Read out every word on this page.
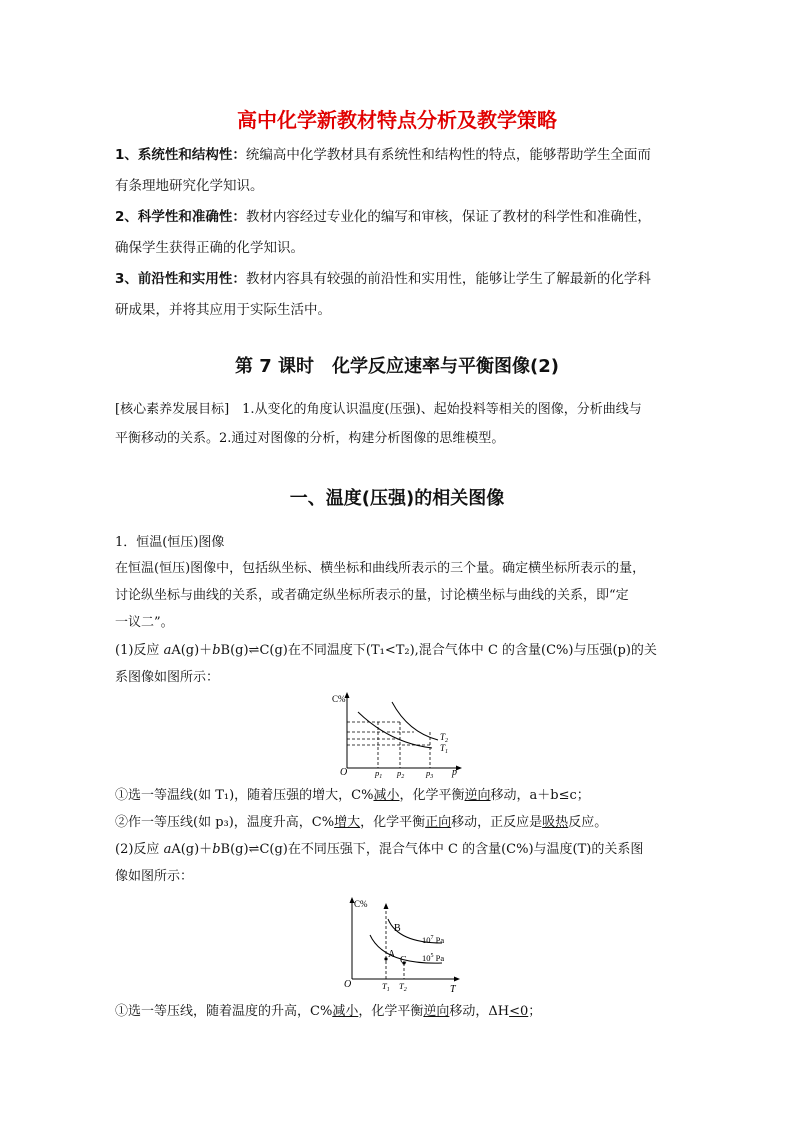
高中化学新教材特点分析及教学策略
1、系统性和结构性：统编高中化学教材具有系统性和结构性的特点，能够帮助学生全面而
有条理地研究化学知识。
2、科学性和准确性：教材内容经过专业化的编写和审核，保证了教材的科学性和准确性，
确保学生获得正确的化学知识。
3、前沿性和实用性：教材内容具有较强的前沿性和实用性，能够让学生了解最新的化学科
研成果，并将其应用于实际生活中。
第 7 课时　化学反应速率与平衡图像(2)
[核心素养发展目标]　1.从变化的角度认识温度(压强)、起始投料等相关的图像，分析曲线与
平衡移动的关系。2.通过对图像的分析，构建分析图像的思维模型。
一、温度(压强)的相关图像
1．恒温(恒压)图像
在恒温(恒压)图像中，包括纵坐标、横坐标和曲线所表示的三个量。确定横坐标所表示的量，
讨论纵坐标与曲线的关系，或者确定纵坐标所表示的量，讨论横坐标与曲线的关系，即“定
一议二”。
(1)反应 aA(g)＋bB(g)⇌C(g)在不同温度下(T₁<T₂),混合气体中 C 的含量(C%)与压强(p)的关
系图像如图所示：
C%
O	p
$p_1$ $p_2$	$p_3$
$T_2$
$T_1$
①选一等温线(如 T₁)，随着压强的增大，C%减小，化学平衡逆向移动，a＋b≤c；
②作一等压线(如 p₃)，温度升高，C%增大，化学平衡正向移动，正反应是吸热反应。
(2)反应 aA(g)＋bB(g)⇌C(g)在不同压强下，混合气体中 C 的含量(C%)与温度(T)的关系图
像如图所示：
C%
O	T
B
A
C
$10^7$ Pa
$10^5$ Pa
$T_1$ $T_2$
①选一等压线，随着温度的升高，C%减小，化学平衡逆向移动，ΔH<0；
